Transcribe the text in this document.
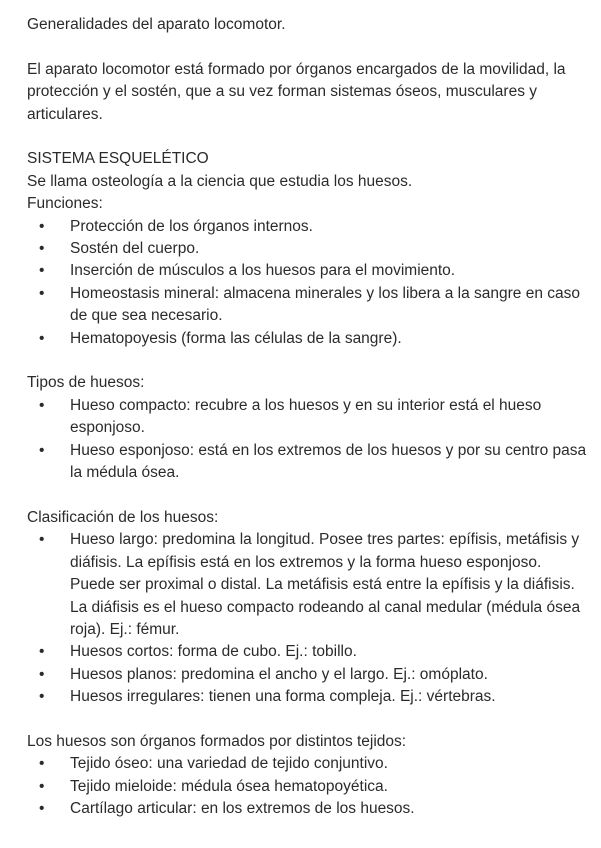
Generalidades del aparato locomotor.

El aparato locomotor está formado por órganos encargados de la movilidad, la protección y el sostén, que a su vez forman sistemas óseos, musculares y articulares.

SISTEMA ESQUELÉTICO

Se llama osteología a la ciencia que estudia los huesos.

Funciones:

• Protección de los órganos internos.
• Sostén del cuerpo.
• Inserción de músculos a los huesos para el movimiento.
• Homeostasis mineral: almacena minerales y los libera a la sangre en caso de que sea necesario.
• Hematopoyesis (forma las células de la sangre).

Tipos de huesos:

• Hueso compacto: recubre a los huesos y en su interior está el hueso esponjoso.
• Hueso esponjoso: está en los extremos de los huesos y por su centro pasa la médula ósea.

Clasificación de los huesos:

• Hueso largo: predomina la longitud. Posee tres partes: epífisis, metáfisis y diáfisis. La epífisis está en los extremos y la forma hueso esponjoso. Puede ser proximal o distal. La metáfisis está entre la epífisis y la diáfisis. La diáfisis es el hueso compacto rodeando al canal medular (médula ósea roja). Ej.: fémur.
• Huesos cortos: forma de cubo. Ej.: tobillo.
• Huesos planos: predomina el ancho y el largo. Ej.: omóplato.
• Huesos irregulares: tienen una forma compleja. Ej.: vértebras.

Los huesos son órganos formados por distintos tejidos:

• Tejido óseo: una variedad de tejido conjuntivo.
• Tejido mieloide: médula ósea hematopoyética.
• Cartílago articular: en los extremos de los huesos.
